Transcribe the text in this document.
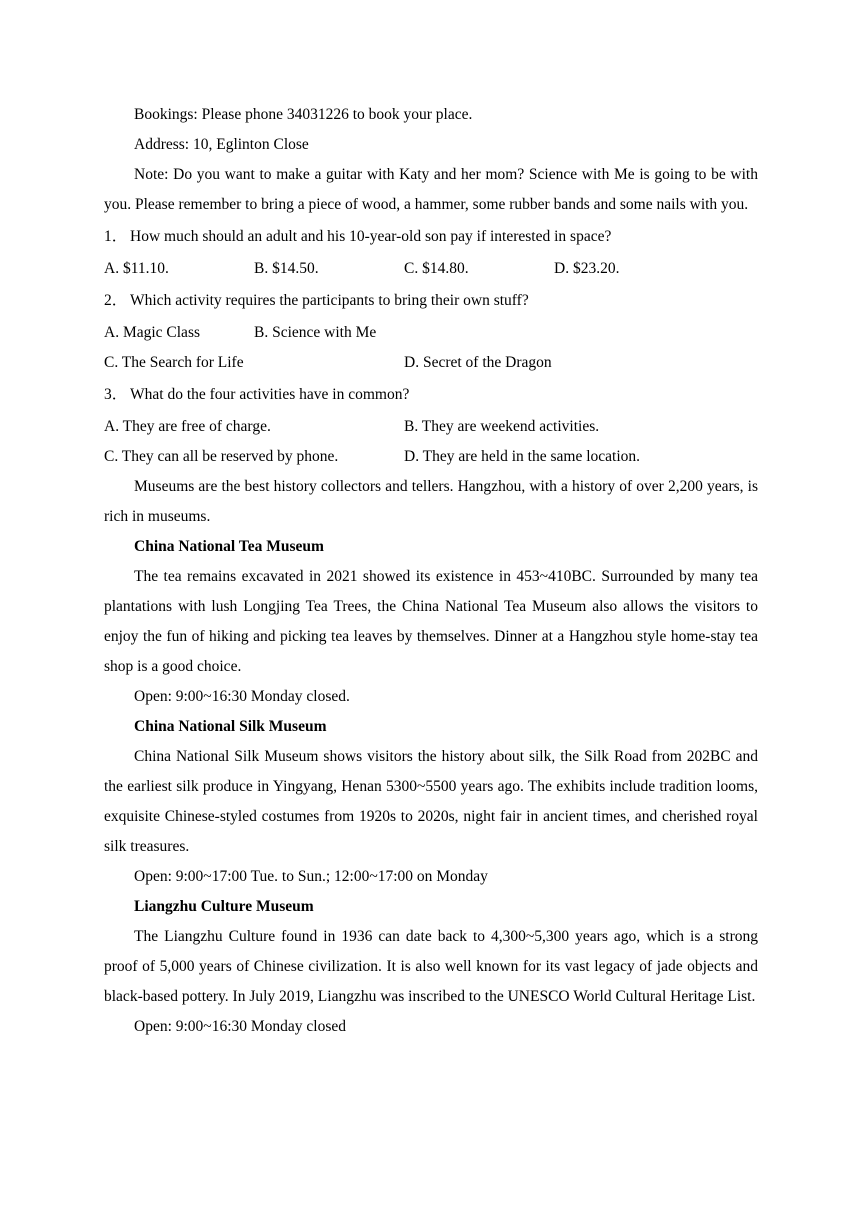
Bookings: Please phone 34031226 to book your place.

Address: 10, Eglinton Close

Note: Do you want to make a guitar with Katy and her mom? Science with Me is going to be with you. Please remember to bring a piece of wood, a hammer, some rubber bands and some nails with you.

1． How much should an adult and his 10-year-old son pay if interested in space?

A. $11.10.	B. $14.50.	C. $14.80.	D. $23.20.

2． Which activity requires the participants to bring their own stuff?

A. Magic Class	B. Science with Me
C. The Search for Life	D. Secret of the Dragon

3． What do the four activities have in common?

A. They are free of charge.	B. They are weekend activities.
C. They can all be reserved by phone.	D. They are held in the same location.

Museums are the best history collectors and tellers. Hangzhou, with a history of over 2,200 years, is rich in museums.

China National Tea Museum

The tea remains excavated in 2021 showed its existence in 453~410BC. Surrounded by many tea plantations with lush Longjing Tea Trees, the China National Tea Museum also allows the visitors to enjoy the fun of hiking and picking tea leaves by themselves. Dinner at a Hangzhou style home-stay tea shop is a good choice.

Open: 9:00~16:30 Monday closed.

China National Silk Museum

China National Silk Museum shows visitors the history about silk, the Silk Road from 202BC and the earliest silk produce in Yingyang, Henan 5300~5500 years ago. The exhibits include tradition looms, exquisite Chinese-styled costumes from 1920s to 2020s, night fair in ancient times, and cherished royal silk treasures.

Open: 9:00~17:00 Tue. to Sun.; 12:00~17:00 on Monday

Liangzhu Culture Museum

The Liangzhu Culture found in 1936 can date back to 4,300~5,300 years ago, which is a strong proof of 5,000 years of Chinese civilization. It is also well known for its vast legacy of jade objects and black-based pottery. In July 2019, Liangzhu was inscribed to the UNESCO World Cultural Heritage List.

Open: 9:00~16:30 Monday closed
